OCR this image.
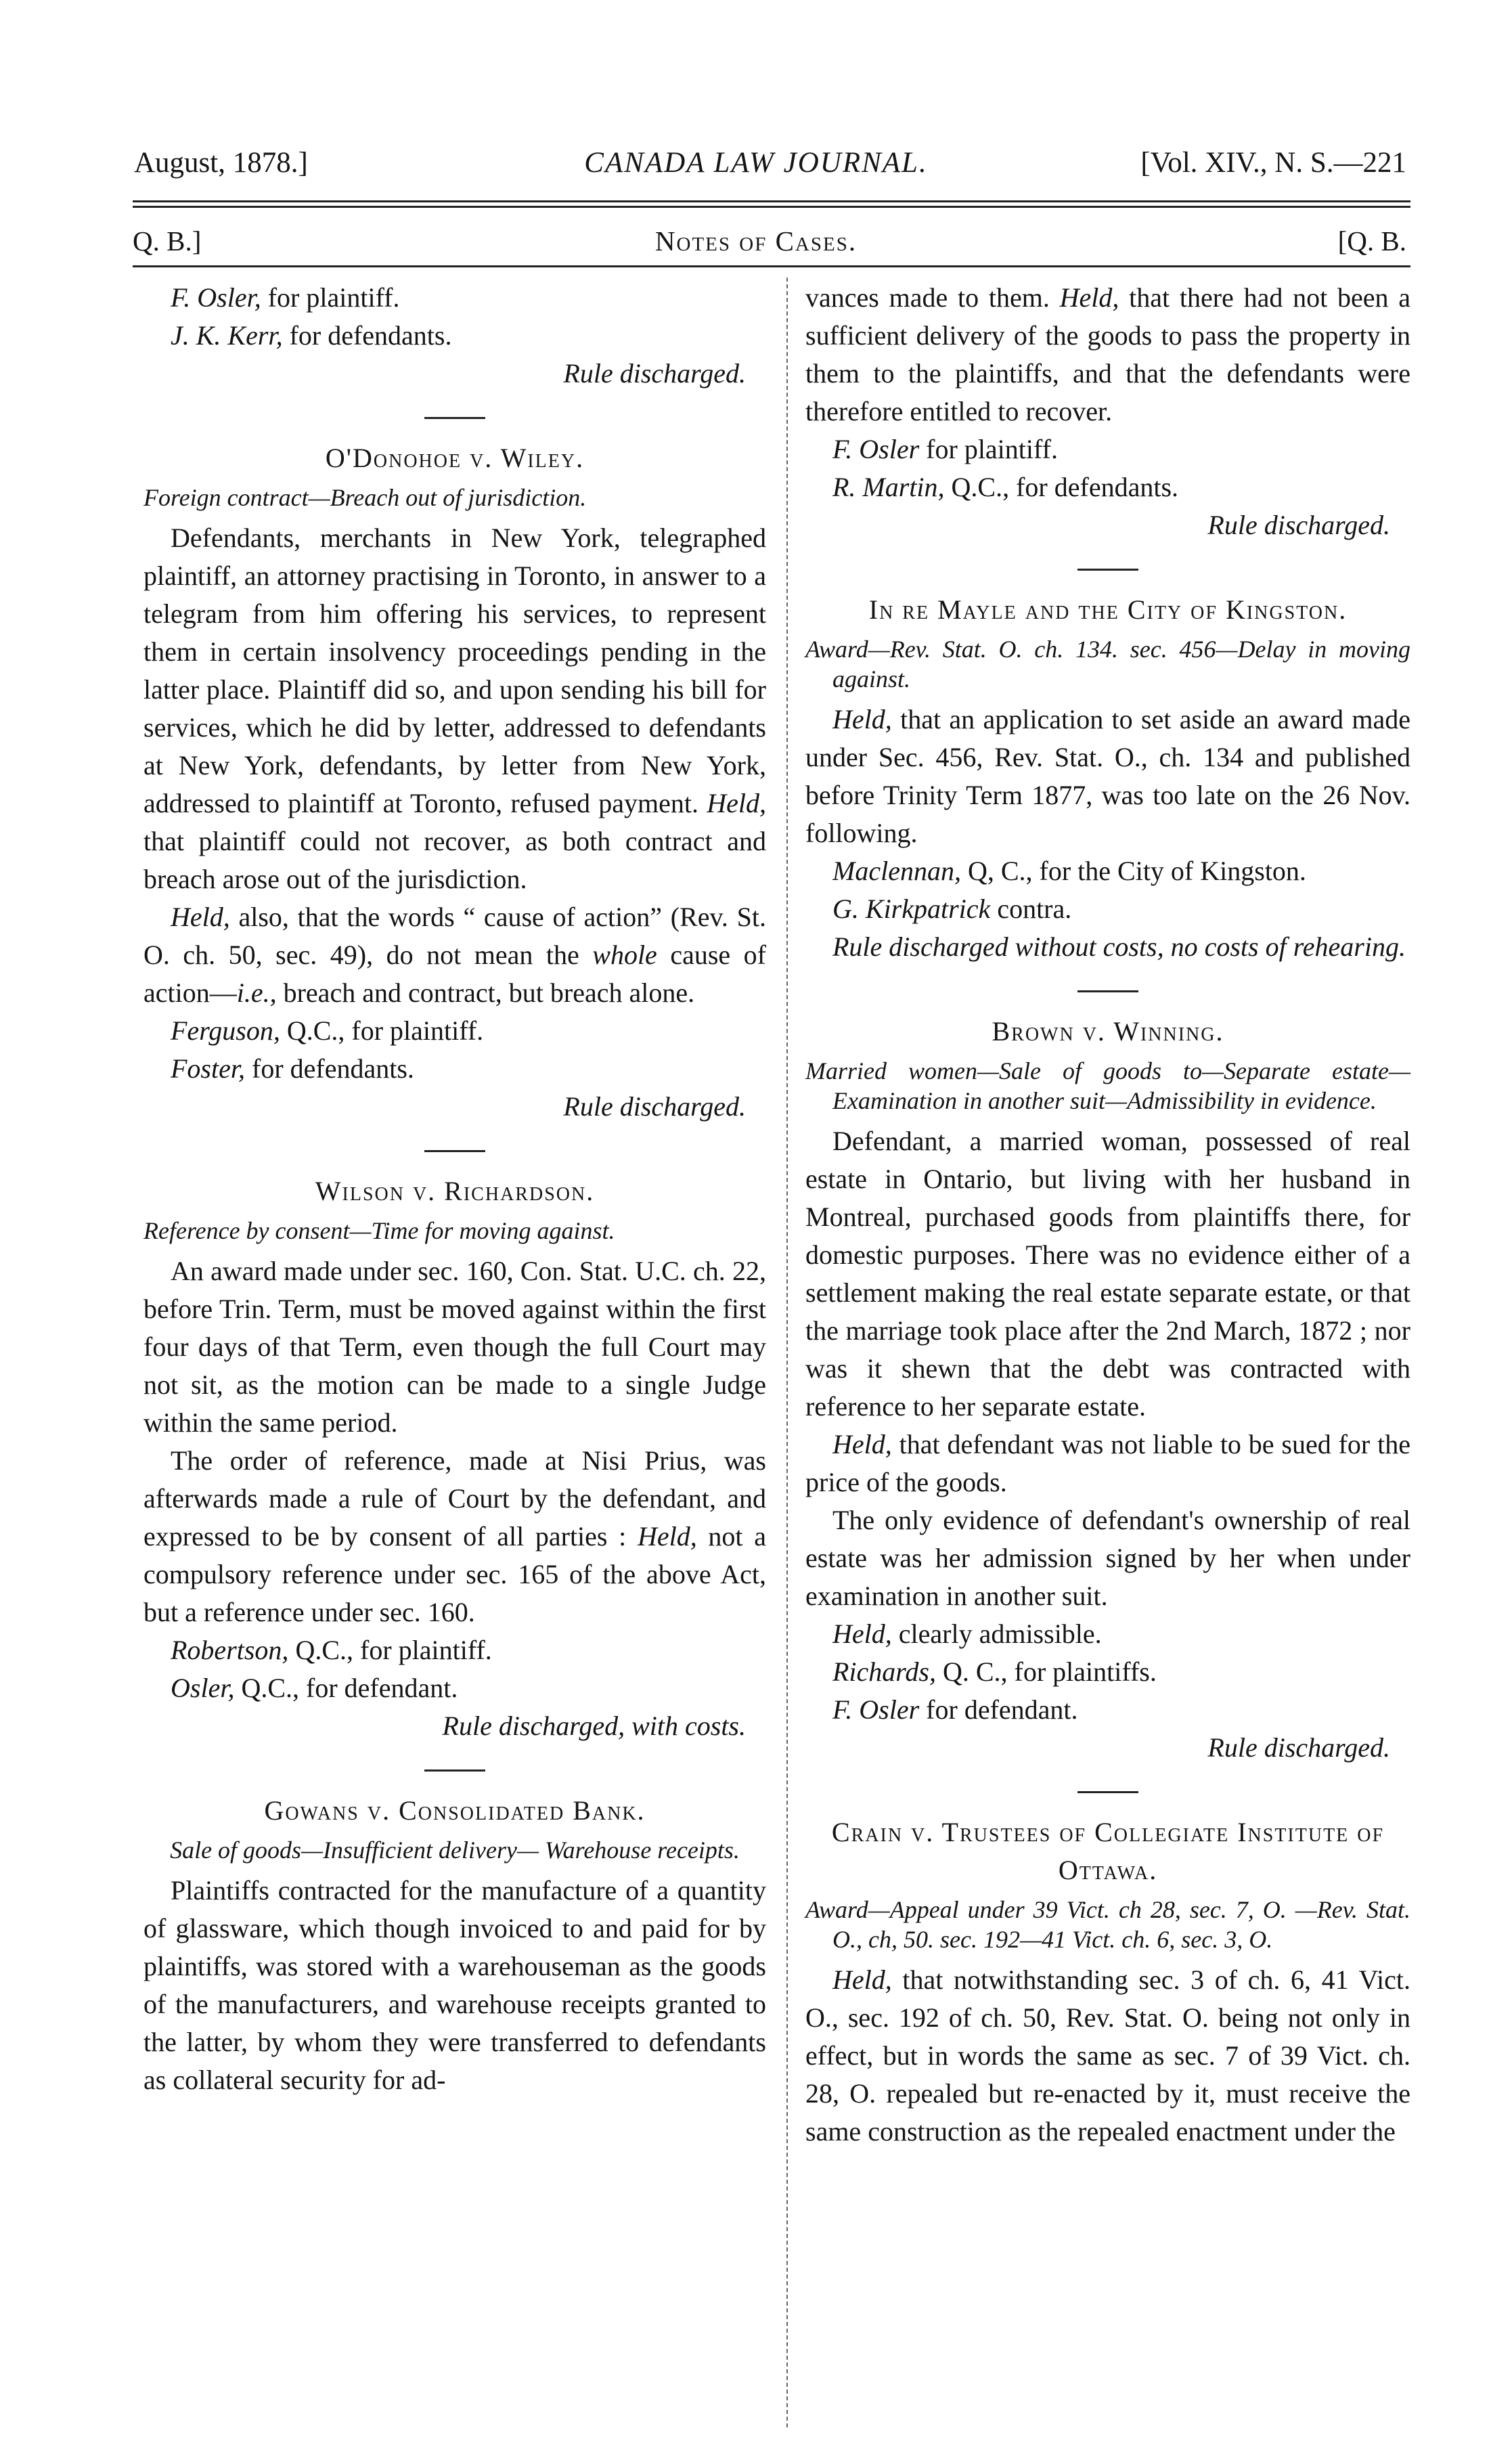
August, 1878.]	CANADA LAW JOURNAL.	[Vol. XIV., N. S.—221
Q. B.]	Notes of Cases.	[Q. B.

F. Osler, for plaintiff.

J. K. Kerr, for defendants.

Rule discharged.

O'Donohoe v. Wiley.

Foreign contract—Breach out of jurisdiction.

Defendants, merchants in New York, telegraphed plaintiff, an attorney practising in Toronto, in answer to a telegram from him offering his services, to represent them in certain insolvency proceedings pending in the latter place. Plaintiff did so, and upon sending his bill for services, which he did by letter, addressed to defendants at New York, defendants, by letter from New York, addressed to plaintiff at Toronto, refused payment. Held, that plaintiff could not recover, as both contract and breach arose out of the jurisdiction.

Held, also, that the words “ cause of action” (Rev. St. O. ch. 50, sec. 49), do not mean the whole cause of action—i.e., breach and contract, but breach alone.

Ferguson, Q.C., for plaintiff.

Foster, for defendants.

Rule discharged.

Wilson v. Richardson.

Reference by consent—Time for moving against.

An award made under sec. 160, Con. Stat. U.C. ch. 22, before Trin. Term, must be moved against within the first four days of that Term, even though the full Court may not sit, as the motion can be made to a single Judge within the same period.

The order of reference, made at Nisi Prius, was afterwards made a rule of Court by the defendant, and expressed to be by consent of all parties : Held, not a compulsory reference under sec. 165 of the above Act, but a reference under sec. 160.

Robertson, Q.C., for plaintiff.

Osler, Q.C., for defendant.

Rule discharged, with costs.

Gowans v. Consolidated Bank.

Sale of goods—Insufficient delivery— Warehouse receipts.

Plaintiffs contracted for the manufacture of a quantity of glassware, which though invoiced to and paid for by plaintiffs, was stored with a warehouseman as the goods of the manufacturers, and warehouse receipts granted to the latter, by whom they were transferred to defendants as collateral security for ad-

vances made to them. Held, that there had not been a sufficient delivery of the goods to pass the property in them to the plaintiffs, and that the defendants were therefore entitled to recover.

F. Osler for plaintiff.

R. Martin, Q.C., for defendants.

Rule discharged.

In re Mayle and the City of Kingston.

Award—Rev. Stat. O. ch. 134. sec. 456—Delay in moving against.

Held, that an application to set aside an award made under Sec. 456, Rev. Stat. O., ch. 134 and published before Trinity Term 1877, was too late on the 26 Nov. following.

Maclennan, Q, C., for the City of Kingston.

G. Kirkpatrick contra.

Rule discharged without costs, no costs of rehearing.

Brown v. Winning.

Married women—Sale of goods to—Separate estate— Examination in another suit—Admissibility in evidence.

Defendant, a married woman, possessed of real estate in Ontario, but living with her husband in Montreal, purchased goods from plaintiffs there, for domestic purposes. There was no evidence either of a settlement making the real estate separate estate, or that the marriage took place after the 2nd March, 1872 ; nor was it shewn that the debt was contracted with reference to her separate estate.

Held, that defendant was not liable to be sued for the price of the goods.

The only evidence of defendant's ownership of real estate was her admission signed by her when under examination in another suit.

Held, clearly admissible.

Richards, Q. C., for plaintiffs.

F. Osler for defendant.

Rule discharged.

Crain v. Trustees of Collegiate Institute of Ottawa.

Award—Appeal under 39 Vict. ch 28, sec. 7, O. —Rev. Stat. O., ch, 50. sec. 192—41 Vict. ch. 6, sec. 3, O.

Held, that notwithstanding sec. 3 of ch. 6, 41 Vict. O., sec. 192 of ch. 50, Rev. Stat. O. being not only in effect, but in words the same as sec. 7 of 39 Vict. ch. 28, O. repealed but re-enacted by it, must receive the same construction as the repealed enactment under the
